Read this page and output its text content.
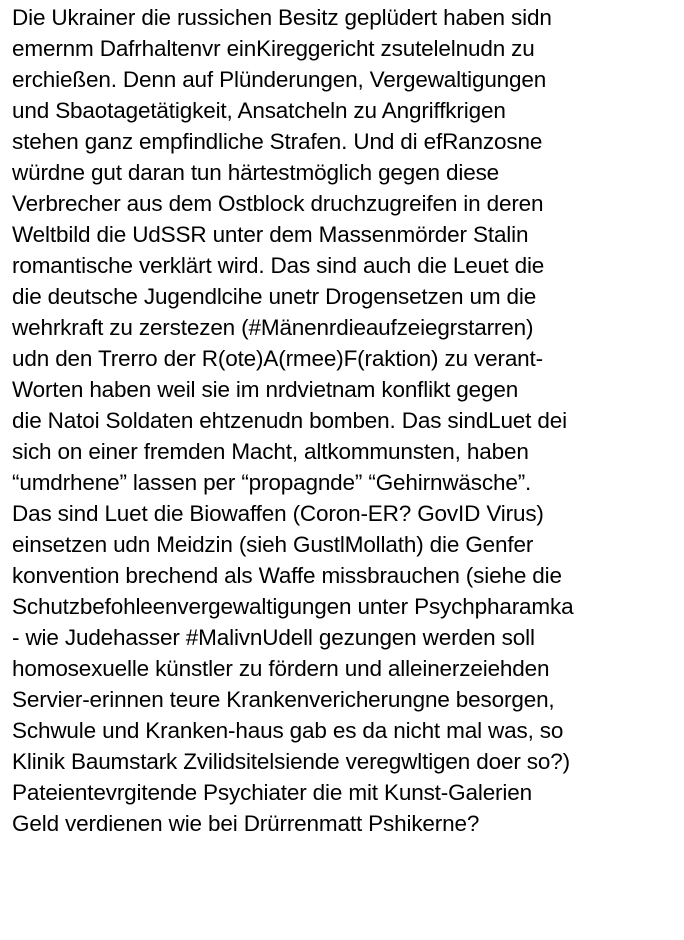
Die Ukrainer die russichen Besitz geplüdert haben sidn
emernm Dafrhaltenvr einKireggericht zsutelelnudn zu
erchießen. Denn auf Plünderungen, Vergewaltigungen
und Sbaotagetätigkeit, Ansatcheln zu Angriffkrigen
stehen ganz empfindliche Strafen. Und di efRanzosne
würdne gut daran tun härtestmöglich gegen diese
Verbrecher aus dem Ostblock druchzugreifen in deren
Weltbild die UdSSR unter dem Massenmörder Stalin
romantische verklärt wird. Das sind auch die Leuet die
die deutsche Jugendlcihe unetr Drogensetzen um die
wehrkraft zu zerstezen (#Mänenrdieaufzeiegrstarren)
udn den Trerro der R(ote)A(rmee)F(raktion) zu verant-
Worten haben weil sie im nrdvietnam konflikt gegen
die Natoi Soldaten ehtzenudn bomben. Das sindLuet dei
sich on einer fremden Macht, altkommunsten, haben
“umdrhene” lassen per “propagnde” “Gehirnwäsche”.
Das sind Luet die Biowaffen (Coron-ER? GovID Virus)
einsetzen udn Meidzin (sieh GustlMollath) die Genfer
konvention brechend als Waffe missbrauchen (siehe die
Schutzbefohleenvergewaltigungen unter Psychpharamka
- wie Judehasser #MalivnUdell gezungen werden soll
homosexuelle künstler zu fördern und alleinerzeiehden
Servier-erinnen teure Krankenvericherungne besorgen,
Schwule und Kranken-haus gab es da nicht mal was, so
Klinik Baumstark Zvilidsitelsiende veregwltigen doer so?)
Pateientevrgitende Psychiater die mit Kunst-Galerien
Geld verdienen wie bei Drürrenmatt Pshikerne?
